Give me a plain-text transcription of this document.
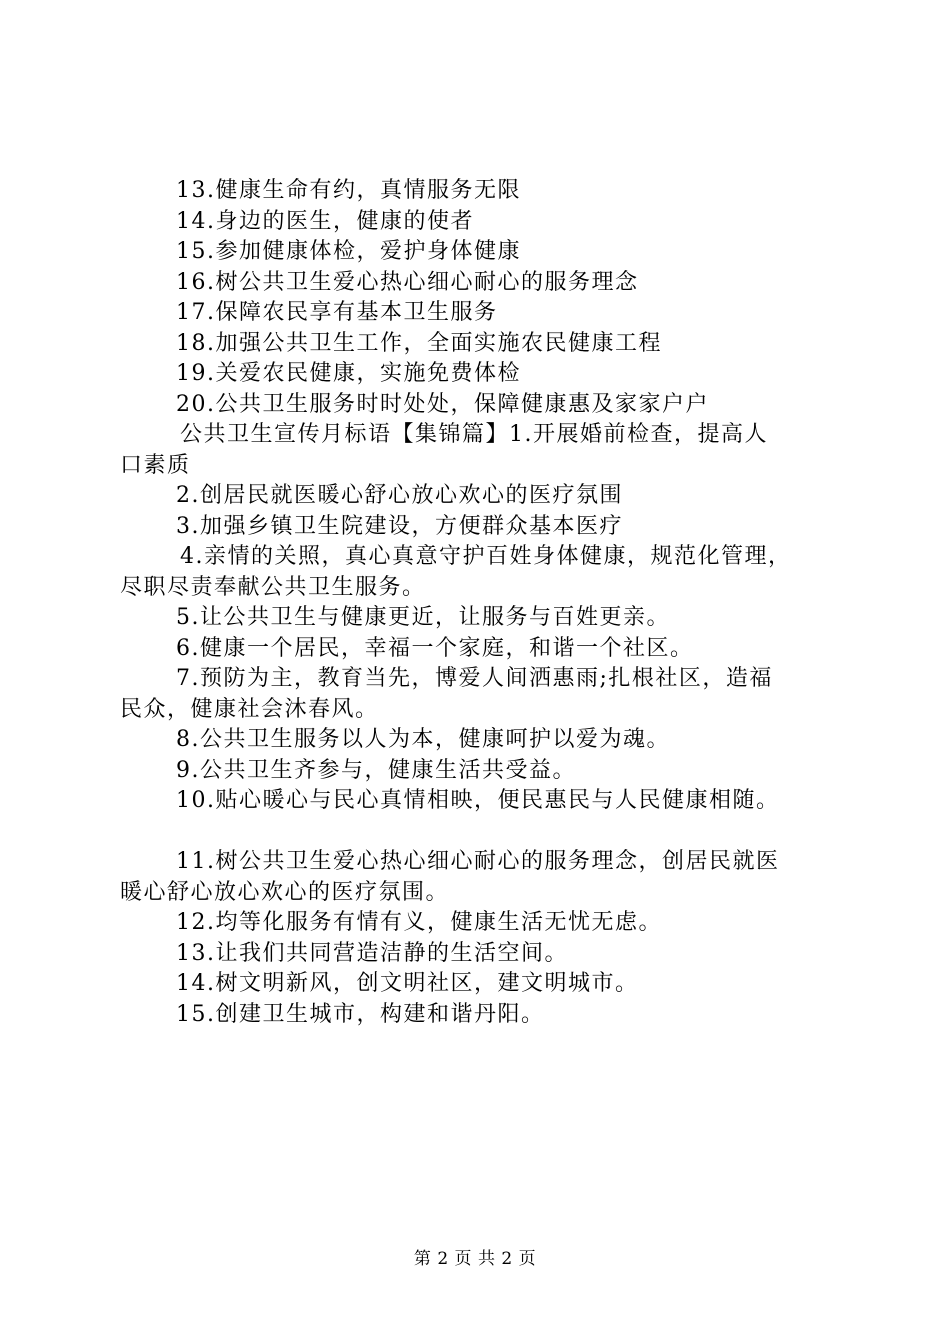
13.健康生命有约，真情服务无限
14.身边的医生，健康的使者
15.参加健康体检，爱护身体健康
16.树公共卫生爱心热心细心耐心的服务理念
17.保障农民享有基本卫生服务
18.加强公共卫生工作，全面实施农民健康工程
19.关爱农民健康，实施免费体检
20.公共卫生服务时时处处，保障健康惠及家家户户
公共卫生宣传月标语【集锦篇】1.开展婚前检查，提高人
口素质
2.创居民就医暖心舒心放心欢心的医疗氛围
3.加强乡镇卫生院建设，方便群众基本医疗
4.亲情的关照，真心真意守护百姓身体健康，规范化管理，
尽职尽责奉献公共卫生服务。
5.让公共卫生与健康更近，让服务与百姓更亲。
6.健康一个居民，幸福一个家庭，和谐一个社区。
7.预防为主，教育当先，博爱人间洒惠雨;扎根社区，造福
民众，健康社会沐春风。
8.公共卫生服务以人为本，健康呵护以爱为魂。
9.公共卫生齐参与，健康生活共受益。
10.贴心暖心与民心真情相映，便民惠民与人民健康相随。
11.树公共卫生爱心热心细心耐心的服务理念，创居民就医
暖心舒心放心欢心的医疗氛围。
12.均等化服务有情有义，健康生活无忧无虑。
13.让我们共同营造洁静的生活空间。
14.树文明新风，创文明社区，建文明城市。
15.创建卫生城市，构建和谐丹阳。
第 2 页 共 2 页
